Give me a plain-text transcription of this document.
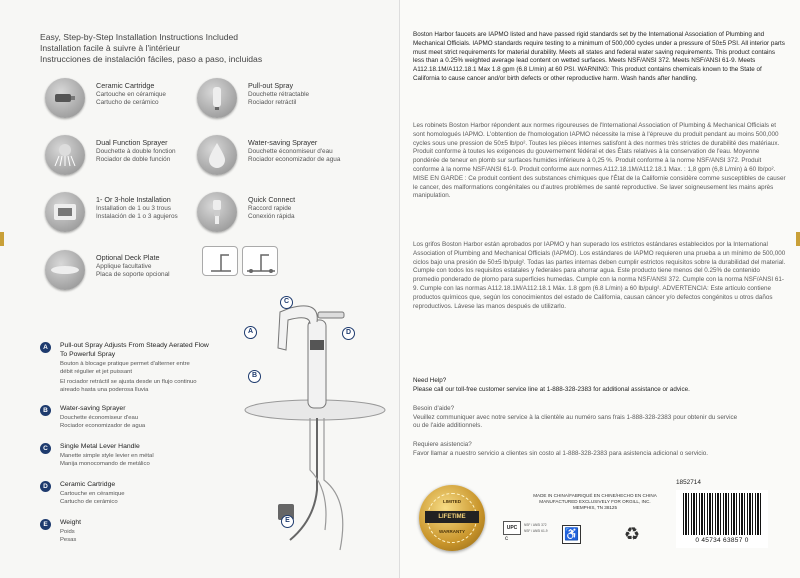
Easy, Step-by-Step Installation Instructions Included
Installation facile à suivre à l'intérieur
Instrucciones de instalación fáciles, paso a paso, incluidas
Ceramic Cartridge
Cartouche en céramique
Cartucho de cerámico
Pull-out Spray
Douchette rétractable
Rociador retráctil
Dual Function Sprayer
Douchette à double fonction
Rociador de doble función
Water-saving Sprayer
Douchette économiseur d'eau
Rociador economizador de agua
1- Or 3-hole Installation
Installation de 1 ou 3 trous
Instalación de 1 o 3 agujeros
Quick Connect
Raccord rapide
Conexión rápida
Optional Deck Plate
Applique facultative
Placa de soporte opcional
C
A	D
B
E
A	Pull-out Spray Adjusts From Steady Aerated Flow
To Powerful Spray
Bouton à blocage pratique permet d'alterner entre
débit régulier et jet puissant
El rociador retráctil se ajusta desde un flujo continuo
aireado hasta una poderosa lluvia
B	Water-saving Sprayer
Douchette économiseur d'eau
Rociador economizador de agua
C	Single Metal Lever Handle
Manette simple style levier en métal
Manija monocomando de metálico
D	Ceramic Cartridge
Cartouche en céramique
Cartucho de cerámico
E	Weight
Poids
Pesas
Boston Harbor faucets are IAPMO listed and have passed rigid standards set by the International Association of Plumbing and Mechanical Officials. IAPMO standards require testing to a minimum of 500,000 cycles under a pressure of 50±5 PSI. All interior parts must meet strict requirements for material durability. Meets all states and federal water saving requirements. This product contains less than a 0.25% weighted average lead content on wetted surfaces. Meets NSF/ANSI 372. Meets NSF/ANSI 61-9. Meets A112.18.1M/A112.18.1 Max 1.8 gpm (6.8 L/min) at 60 PSI. WARNING: This product contains chemicals known to the State of California to cause cancer and/or birth defects or other reproductive harm. Wash hands after handling.
Les robinets Boston Harbor répondent aux normes rigoureuses de l'International Association of Plumbing & Mechanical Officials et sont homologués IAPMO. L'obtention de l'homologation IAPMO nécessite la mise à l'épreuve du produit pendant au moins 500,000 cycles sous une pression de 50±5 lb/po². Toutes les pièces internes satisfont à des normes très strictes de durabilité des matériaux. Produit conforme à toutes les exigences du gouvernement fédéral et des États relatives à la conservation de l'eau. Moyenne pondérée de teneur en plomb sur surfaces humides inférieure à 0,25 %. Produit conforme à la norme NSF/ANSI 372. Produit conforme à la norme NSF/ANSI 61-9. Produit conforme aux normes A112.18.1M/A112.18.1 Max. : 1,8 gpm (6,8 L/min) à 60 lb/po². MISE EN GARDE : Ce produit contient des substances chimiques que l'État de la Californie considère comme susceptibles de causer le cancer, des malformations congénitales ou d'autres problèmes de santé reproductive. Se laver soigneusement les mains après manipulation.
Los grifos Boston Harbor están aprobados por IAPMO y han superado los estrictos estándares establecidos por la International Association of Plumbing and Mechanical Officials (IAPMO). Los estándares de IAPMO requieren una prueba a un mínimo de 500,000 ciclos bajo una presión de 50±5 lb/pulg². Todas las partes internas deben cumplir estrictos requisitos sobre la durabilidad del material. Cumple con todos los requisitos estatales y federales para ahorrar agua. Este producto tiene menos del 0.25% de contenido promedio ponderado de plomo para superficies humedas. Cumple con la norma NSF/ANSI 372. Cumple con la norma NSF/ANSI 61-9. Cumple con las normas A112.18.1M/A112.18.1 Máx. 1.8 gpm (6.8 L/min) a 60 lb/pulg². ADVERTENCIA: Este artículo contiene productos químicos que, según los conocimientos del estado de California, causan cáncer y/o defectos congénitos u otros daños reproductivos. Lávese las manos después de utilizarlo.
Need Help?
Please call our toll-free customer service line at 1-888-328-2383 for additional assistance or advice.
Besoin d'aide?
Veuillez communiquer avec notre service à la clientèle au numéro sans frais 1-888-328-2383 pour obtenir du service
ou de l'aide additionnels.
Requiere asistencia?
Favor llamar a nuestro servicio a clientes sin costo al 1-888-328-2383 para asistencia adicional o servicio.
LIMITED
LIFETIME
WARRANTY
MADE IN CHINA/FABRIQUÉ EN CHINE/HECHO EN CHINA
MANUFACTURED EXCLUSIVELY FOR ORGILL, INC.
MEMPHIS, TN 38125
UPC
c
NSF / ANSI 372
NSF / ANSI 61-9 ♿ ♻
1852714
0 45734 63857 0
